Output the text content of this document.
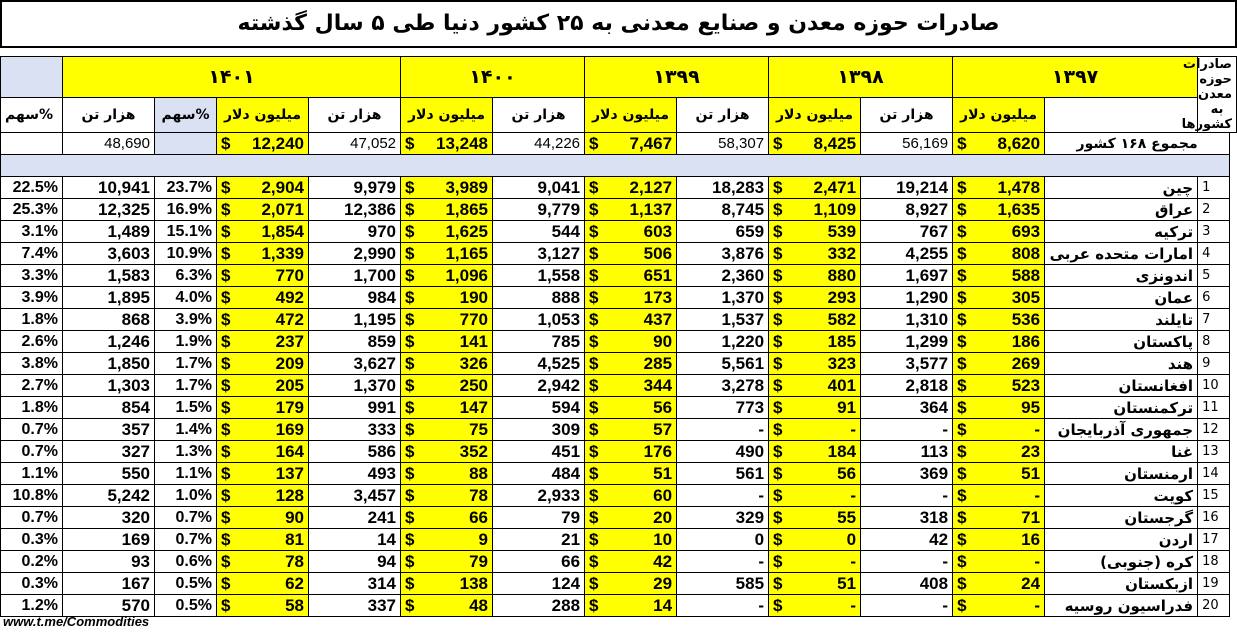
صادرات حوزه معدن و صنایع معدنی به ۲۵ کشور دنیا طی ۵ سال گذشته
	۱۴۰۱				۱۴۰۰		۱۳۹۹		۱۳۹۸		۱۳۹۷		صادرات حوزه معدن به کشورها
سهم%	هزار تن	سهم%	میلیون دلار	هزار تن	میلیون دلار	هزار تن	میلیون دلار	هزار تن	میلیون دلار	هزار تن	میلیون دلار		
	48,690		$ 12,240	47,052	$ 13,248	44,226	$ 7,467	58,307	$ 8,425	56,169	$ 8,620	مجموع ۱۶۸ کشور	

22.5%	10,941	23.7%	$ 2,904	9,979	$ 3,989	9,041	$ 2,127	18,283	$ 2,471	19,214	$ 1,478	چین	1
25.3%	12,325	16.9%	$ 2,071	12,386	$ 1,865	9,779	$ 1,137	8,745	$ 1,109	8,927	$ 1,635	عراق	2
3.1%	1,489	15.1%	$ 1,854	970	$ 1,625	544	$ 603	659	$ 539	767	$ 693	ترکیه	3
7.4%	3,603	10.9%	$ 1,339	2,990	$ 1,165	3,127	$ 506	3,876	$ 332	4,255	$ 808	امارات متحده عربی	4
3.3%	1,583	6.3%	$ 770	1,700	$ 1,096	1,558	$ 651	2,360	$ 880	1,697	$ 588	اندونزی	5
3.9%	1,895	4.0%	$ 492	984	$ 190	888	$ 173	1,370	$ 293	1,290	$ 305	عمان	6
1.8%	868	3.9%	$ 472	1,195	$ 770	1,053	$ 437	1,537	$ 582	1,310	$ 536	تایلند	7
2.6%	1,246	1.9%	$ 237	859	$ 141	785	$ 90	1,220	$ 185	1,299	$ 186	پاکستان	8
3.8%	1,850	1.7%	$ 209	3,627	$ 326	4,525	$ 285	5,561	$ 323	3,577	$ 269	هند	9
2.7%	1,303	1.7%	$ 205	1,370	$ 250	2,942	$ 344	3,278	$ 401	2,818	$ 523	افغانستان	10
1.8%	854	1.5%	$ 179	991	$ 147	594	$ 56	773	$ 91	364	$ 95	ترکمنستان	11
0.7%	357	1.4%	$ 169	333	$ 75	309	$ 57	-	$ -	-	$ -	جمهوری آذربایجان	12
0.7%	327	1.3%	$ 164	586	$ 352	451	$ 176	490	$ 184	113	$ 23	غنا	13
1.1%	550	1.1%	$ 137	493	$ 88	484	$ 51	561	$ 56	369	$ 51	ارمنستان	14
10.8%	5,242	1.0%	$ 128	3,457	$ 78	2,933	$ 60	-	$ -	-	$ -	کویت	15
0.7%	320	0.7%	$ 90	241	$ 66	79	$ 20	329	$ 55	318	$ 71	گرجستان	16
0.3%	169	0.7%	$ 81	14	$ 9	21	$ 10	0	$ 0	42	$ 16	اردن	17
0.2%	93	0.6%	$ 78	94	$ 79	66	$ 42	-	$ -	-	$ -	کره (جنوبی)	18
0.3%	167	0.5%	$ 62	314	$ 138	124	$ 29	585	$ 51	408	$ 24	ازبکستان	19
1.2%	570	0.5%	$ 58	337	$ 48	288	$ 14	-	$ -	-	$ -	فدراسیون روسیه	20
www.t.me/Commodities
